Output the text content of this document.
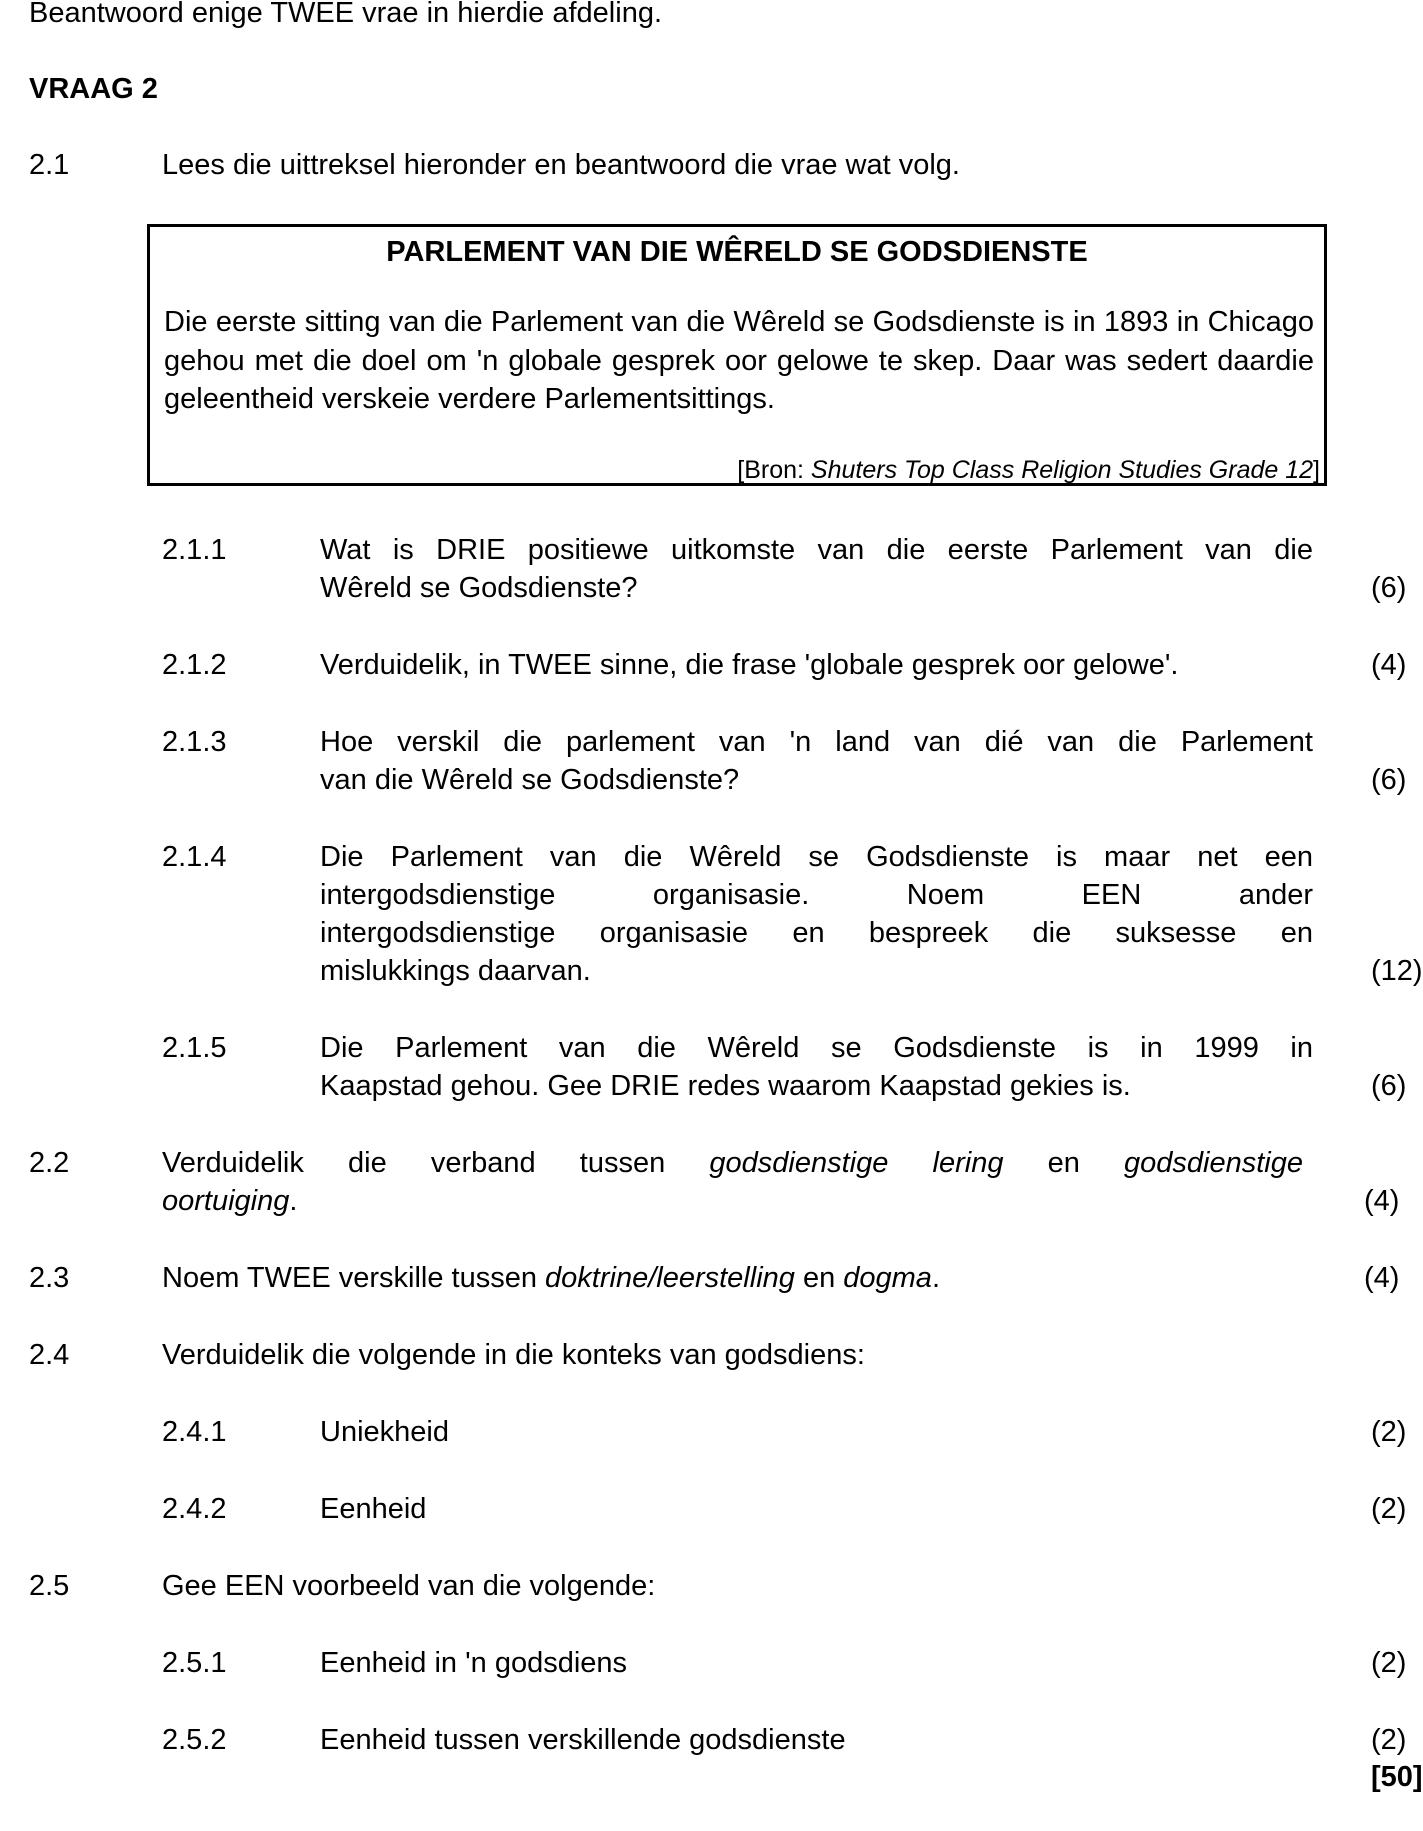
Beantwoord enige TWEE vrae in hierdie afdeling.
VRAAG 2
2.1	Lees die uittreksel hieronder en beantwoord die vrae wat volg.
PARLEMENT VAN DIE WÊRELD SE GODSDIENSTE
Die eerste sitting van die Parlement van die Wêreld se Godsdienste is in 1893 in Chicago gehou met die doel om 'n globale gesprek oor gelowe te skep. Daar was sedert daardie geleentheid verskeie verdere Parlementsittings.
[Bron: Shuters Top Class Religion Studies Grade 12]
2.1.1	Wat is DRIE positiewe uitkomste van die eerste Parlement van die
Wêreld se Godsdienste?	(6)
2.1.2	Verduidelik, in TWEE sinne, die frase 'globale gesprek oor gelowe'.	(4)
2.1.3	Hoe verskil die parlement van 'n land van dié van die Parlement
van die Wêreld se Godsdienste?	(6)
2.1.4	Die Parlement van die Wêreld se Godsdienste is maar net een
intergodsdienstige organisasie. Noem EEN ander
intergodsdienstige organisasie en bespreek die suksesse en
mislukkings daarvan.	(12)
2.1.5	Die Parlement van die Wêreld se Godsdienste is in 1999 in
Kaapstad gehou. Gee DRIE redes waarom Kaapstad gekies is.	(6)
2.2	Verduidelik die verband tussen godsdienstige lering en godsdienstige
oortuiging.	(4)
2.3	Noem TWEE verskille tussen doktrine/leerstelling en dogma.	(4)
2.4	Verduidelik die volgende in die konteks van godsdiens:
2.4.1	Uniekheid	(2)
2.4.2	Eenheid	(2)
2.5	Gee EEN voorbeeld van die volgende:
2.5.1	Eenheid in 'n godsdiens	(2)
2.5.2	Eenheid tussen verskillende godsdienste	(2)
[50]
